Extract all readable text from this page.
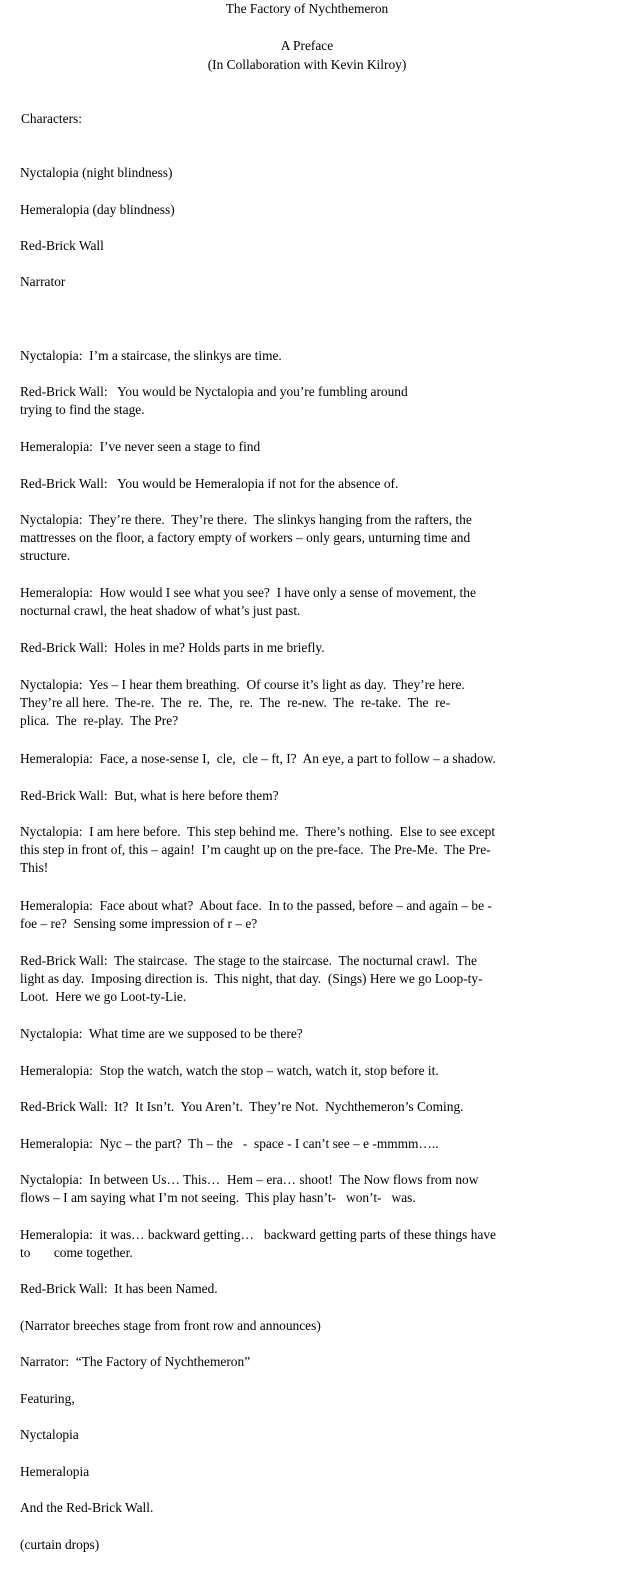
The Factory of Nychthemeron
A Preface
(In Collaboration with Kevin Kilroy)
Characters:
Nyctalopia (night blindness)
Hemeralopia (day blindness)
Red-Brick Wall
Narrator
Nyctalopia:  I’m a staircase, the slinkys are time.
Red-Brick Wall:   You would be Nyctalopia and you’re fumbling around
trying to find the stage.
Hemeralopia:  I’ve never seen a stage to find
Red-Brick Wall:   You would be Hemeralopia if not for the absence of.
Nyctalopia:  They’re there.  They’re there.  The slinkys hanging from the rafters, the
mattresses on the floor, a factory empty of workers – only gears, unturning time and
structure.
Hemeralopia:  How would I see what you see?  I have only a sense of movement, the
nocturnal crawl, the heat shadow of what’s just past.
Red-Brick Wall:  Holes in me? Holds parts in me briefly.
Nyctalopia:  Yes – I hear them breathing.  Of course it’s light as day.  They’re here.
They’re all here.  The-re.  The  re.  The,  re.  The  re-new.  The  re-take.  The  re-
plica.  The  re-play.  The Pre?
Hemeralopia:  Face, a nose-sense I,  cle,  cle – ft, I?  An eye, a part to follow – a shadow.
Red-Brick Wall:  But, what is here before them?
Nyctalopia:  I am here before.  This step behind me.  There’s nothing.  Else to see except
this step in front of, this – again!  I’m caught up on the pre-face.  The Pre-Me.  The Pre-
This!
Hemeralopia:  Face about what?  About face.  In to the passed, before – and again – be -
foe – re?  Sensing some impression of r – e?
Red-Brick Wall:  The staircase.  The stage to the staircase.  The nocturnal crawl.  The
light as day.  Imposing direction is.  This night, that day.  (Sings) Here we go Loop-ty-
Loot.  Here we go Loot-ty-Lie.
Nyctalopia:  What time are we supposed to be there?
Hemeralopia:  Stop the watch, watch the stop – watch, watch it, stop before it.
Red-Brick Wall:  It?  It Isn’t.  You Aren’t.  They’re Not.  Nychthemeron’s Coming.
Hemeralopia:  Nyc – the part?  Th – the   -  space - I can’t see – e -mmmm…..
Nyctalopia:  In between Us… This…  Hem – era… shoot!  The Now flows from now
flows – I am saying what I’m not seeing.  This play hasn’t-   won’t-   was.
Hemeralopia:  it was… backward getting…   backward getting parts of these things have
to       come together.
Red-Brick Wall:  It has been Named.
(Narrator breeches stage from front row and announces)
Narrator:  “The Factory of Nychthemeron”
Featuring,
Nyctalopia
Hemeralopia
And the Red-Brick Wall.
(curtain drops)
